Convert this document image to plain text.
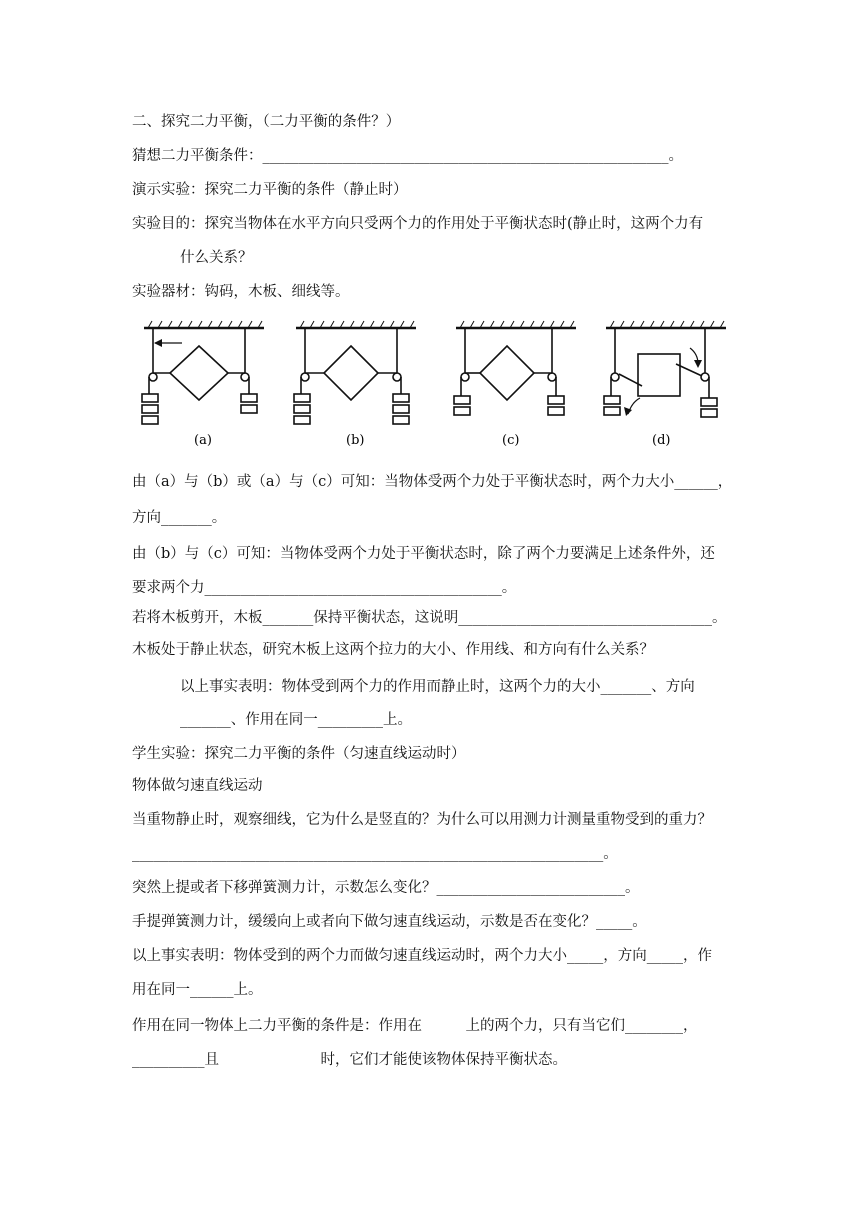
二、探究二力平衡，（二力平衡的条件？）
猜想二力平衡条件：________________________________________________________。
演示实验：探究二力平衡的条件（静止时）
实验目的：探究当物体在水平方向只受两个力的作用处于平衡状态时(静止时，这两个力有
什么关系？
实验器材：钩码，木板、细线等。
(a)	(b)	(c)	(d)
由（a）与（b）或（a）与（c）可知：当物体受两个力处于平衡状态时，两个力大小______，
方向_______。
由（b）与（c）可知：当物体受两个力处于平衡状态时，除了两个力要满足上述条件外，还
要求两个力_________________________________________。
若将木板剪开，木板_______保持平衡状态，这说明___________________________________。
木板处于静止状态，研究木板上这两个拉力的大小、作用线、和方向有什么关系？
以上事实表明：物体受到两个力的作用而静止时，这两个力的大小_______、方向
_______、作用在同一_________上。
学生实验：探究二力平衡的条件（匀速直线运动时）
物体做匀速直线运动
当重物静止时，观察细线，它为什么是竖直的？为什么可以用测力计测量重物受到的重力？
_________________________________________________________________。
突然上提或者下移弹簧测力计，示数怎么变化？__________________________。
手提弹簧测力计，缓缓向上或者向下做匀速直线运动，示数是否在变化？_____。
以上事实表明：物体受到的两个力而做匀速直线运动时，两个力大小_____，方向_____，作
用在同一______上。
作用在同一物体上二力平衡的条件是：作用在　　　上的两个力，只有当它们________，
__________且　　　　　　　时，它们才能使该物体保持平衡状态。
